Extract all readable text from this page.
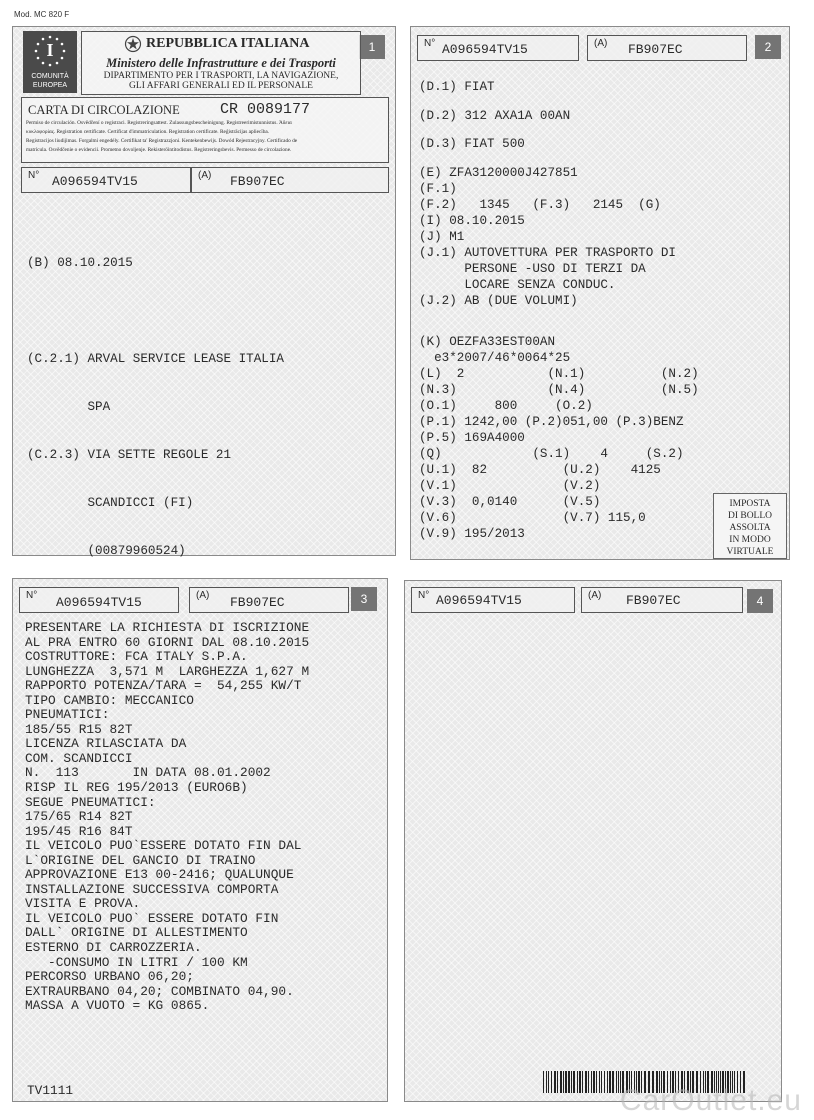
Mod. MC 820 F
1
I
COMUNITÀ
EUROPEA
REPUBBLICA ITALIANA
Ministero delle Infrastrutture e dei Trasporti
DIPARTIMENTO PER I TRASPORTI, LA NAVIGAZIONE,
GLI AFFARI GENERALI ED IL PERSONALE
CARTA DI CIRCOLAZIONE	CR 0089177
Permiso de circulación. Osvědčení o registraci. Registreringsattest. Zulassungsbescheinigung. Registreerimistunnistus. Άδεια
κυκλοφορίας. Registration certificate. Certificat d'immatriculation. Registration certificate. Reģistrācijas apliecība.
Registracijos liudijimas. Forgalmi engedély. Certifikat ta' Registrazzjoni. Kentekenbewijs. Dowód Rejestracyjny. Certificado de
matrícula. Osvědčenie o evidencii. Prometno dovoljenje. Rekisteröintitodistus. Registreringsbevis. Permesso de circolazione.
N° A096594TV15	(A) FB907EC

(B) 08.10.2015

(C.2.1) ARVAL SERVICE LEASE ITALIA

SPA

(C.2.3) VIA SETTE REGOLE 21

SCANDICCI (FI)

(00879960524)

2
N° A096594TV15	(A) FB907EC
(D.1) FIAT
(D.2) 312 AXA1A 00AN
(D.3) FIAT 500
(E) ZFA3120000J427851
(F.1)
(F.2)   1345   (F.3)   2145  (G)
(I) 08.10.2015
(J) M1
(J.1) AUTOVETTURA PER TRASPORTO DI
PERSONE -USO DI TERZI DA
LOCARE SENZA CONDUC.
(J.2) AB (DUE VOLUMI)
(K) OEZFA33EST00AN
e3*2007/46*0064*25
(L)  2           (N.1)          (N.2)
(N.3)            (N.4)          (N.5)
(O.1)     800     (O.2)
(P.1) 1242,00 (P.2)051,00 (P.3)BENZ
(P.5) 169A4000
(Q)            (S.1)    4     (S.2)
(U.1)  82          (U.2)    4125
(V.1)              (V.2)
(V.3)  0,0140      (V.5)
(V.6)              (V.7) 115,0
(V.9) 195/2013
IMPOSTA
DI BOLLO
ASSOLTA
IN MODO
VIRTUALE
3
N° A096594TV15	(A) FB907EC
PRESENTARE LA RICHIESTA DI ISCRIZIONE
AL PRA ENTRO 60 GIORNI DAL 08.10.2015
COSTRUTTORE: FCA ITALY S.P.A.
LUNGHEZZA  3,571 M  LARGHEZZA 1,627 M
RAPPORTO POTENZA/TARA =  54,255 KW/T
TIPO CAMBIO: MECCANICO
PNEUMATICI:
185/55 R15 82T
LICENZA RILASCIATA DA
COM. SCANDICCI
N.  113       IN DATA 08.01.2002
RISP IL REG 195/2013 (EURO6B)
SEGUE PNEUMATICI:
175/65 R14 82T
195/45 R16 84T
IL VEICOLO PUO`ESSERE DOTATO FIN DAL
L`ORIGINE DEL GANCIO DI TRAINO
APPROVAZIONE E13 00-2416; QUALUNQUE
INSTALLAZIONE SUCCESSIVA COMPORTA
VISITA E PROVA.
IL VEICOLO PUO` ESSERE DOTATO FIN
DALL` ORIGINE DI ALLESTIMENTO
ESTERNO DI CARROZZERIA.
-CONSUMO IN LITRI / 100 KM
PERCORSO URBANO 06,20;
EXTRAURBANO 04,20; COMBINATO 04,90.
MASSA A VUOTO = KG 0865.
TV1111
4
N° A096594TV15	(A) FB907EC
CarOutlet.eu
